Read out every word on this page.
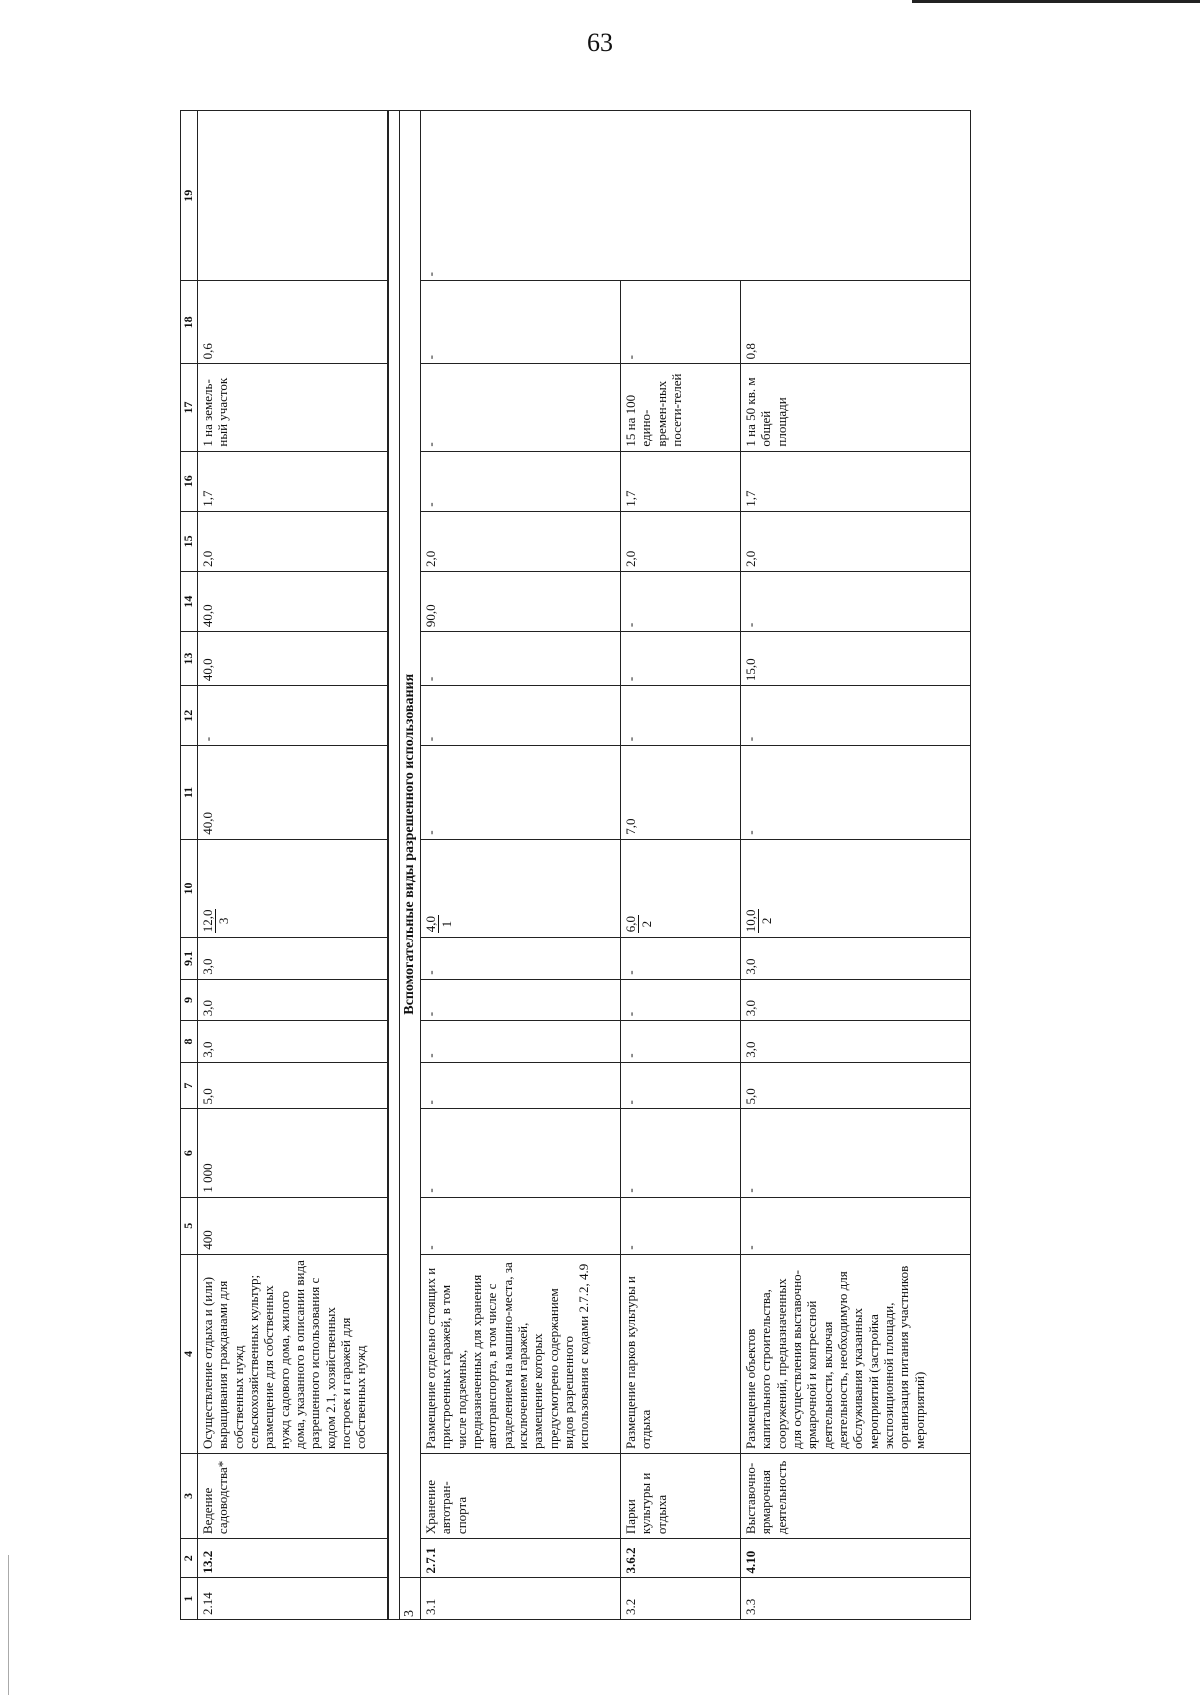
63
1	2	3	4	5	6	7	8	9	9.1	10	11	12	13	14	15	16	17	18	19
2.14	13.2	Ведение садоводства*	Осуществление отдыха и (или) выращивания гражданами для собственных нужд сельскохозяйственных культур; размещение для собственных нужд садового дома, жилого дома, указанного в описании вида разрешенного использования с кодом 2.1, хозяйственных построек и гаражей для собственных нужд	400	1 000	5,0	3,0	3,0	3,0	12,0 3	40,0	-	40,0	40,0	2,0	1,7	1 на земель-ный участок	0,6	

3	Вспомогательные виды разрешенного использования																		
3.1	2.7.1	Хранение автотран-спорта	Размещение отдельно стоящих и пристроенных гаражей, в том числе подземных, предназначенных для хранения автотранспорта, в том числе с разделением на машино-места, за исключением гаражей, размещение которых предусмотрено содержанием видов разрешенного использования с кодами 2.7.2, 4.9	-	-	-	-	-	-	4,0 1	-	-	-	90,0	2,0	-	-	-	-
3.2	3.6.2	Парки культуры и отдыха	Размещение парков культуры и отдыха	-	-	-	-	-	-	6,0 2	7,0	-	-	-	2,0	1,7	15 на 100 едино-времен-ных посети-телей	-	
3.3	4.10	Выставочно-ярмарочная деятельность	Размещение объектов капитального строительства, сооружений, предназначенных для осуществления выставочно-ярмарочной и конгрессной деятельности, включая деятельность, необходимую для обслуживания указанных мероприятий (застройка экспозиционной площади, организация питания участников мероприятий)	-	-	5,0	3,0	3,0	3,0	10,0 2	-	-	15,0	-	2,0	1,7	1 на 50 кв. м общей площади	0,8	
